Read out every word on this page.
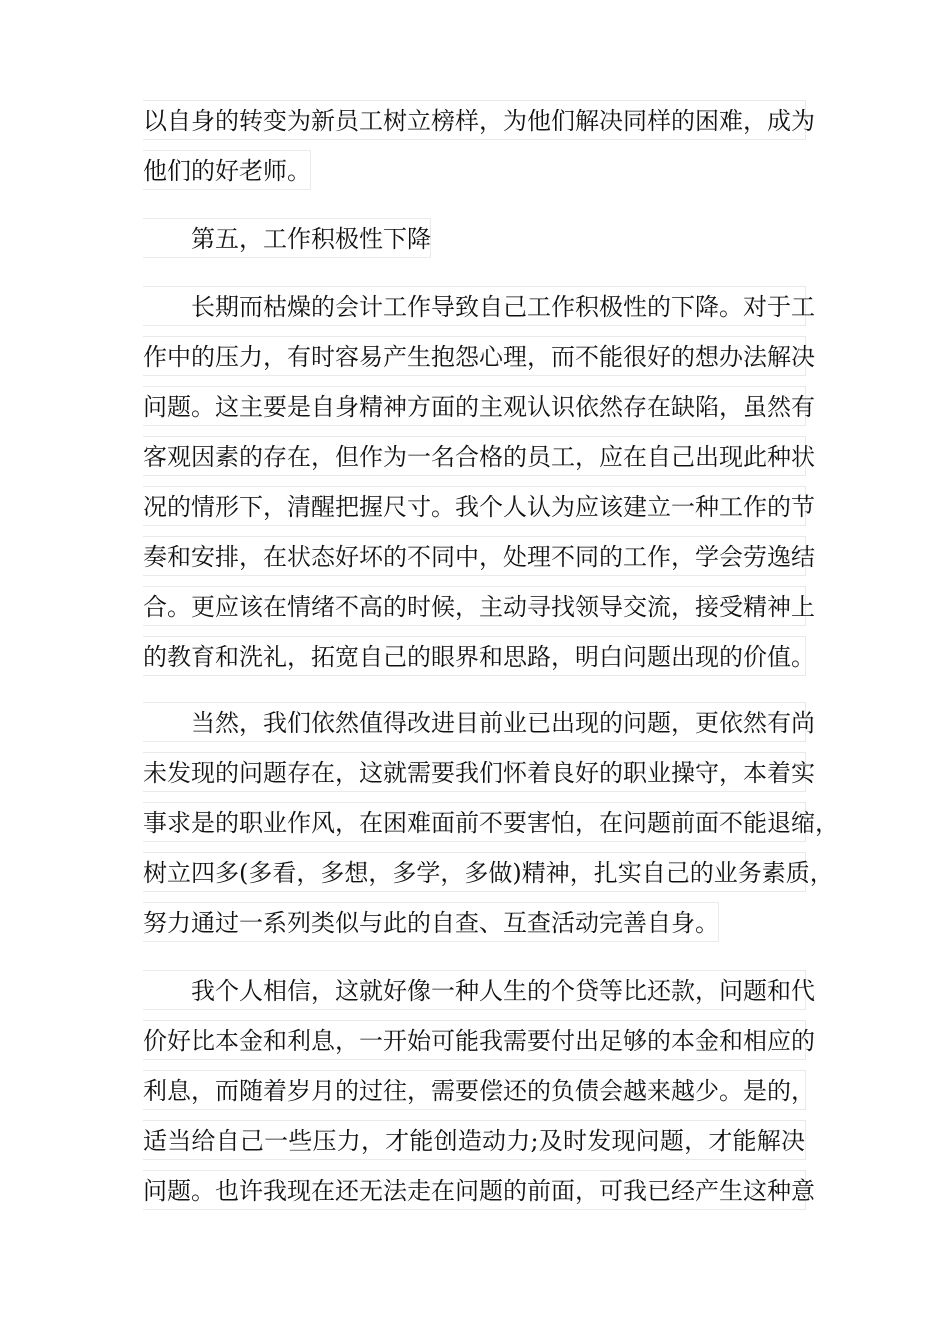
以自身的转变为新员工树立榜样，为他们解决同样的困难，成为
他们的好老师。
第五，工作积极性下降
长期而枯燥的会计工作导致自己工作积极性的下降。对于工
作中的压力，有时容易产生抱怨心理，而不能很好的想办法解决
问题。这主要是自身精神方面的主观认识依然存在缺陷，虽然有
客观因素的存在，但作为一名合格的员工，应在自己出现此种状
况的情形下，清醒把握尺寸。我个人认为应该建立一种工作的节
奏和安排，在状态好坏的不同中，处理不同的工作，学会劳逸结
合。更应该在情绪不高的时候，主动寻找领导交流，接受精神上
的教育和洗礼，拓宽自己的眼界和思路，明白问题出现的价值。
当然，我们依然值得改进目前业已出现的问题，更依然有尚
未发现的问题存在，这就需要我们怀着良好的职业操守，本着实
事求是的职业作风，在困难面前不要害怕，在问题前面不能退缩，
树立四多(多看，多想，多学，多做)精神，扎实自己的业务素质，
努力通过一系列类似与此的自查、互查活动完善自身。
我个人相信，这就好像一种人生的个贷等比还款，问题和代
价好比本金和利息，一开始可能我需要付出足够的本金和相应的
利息，而随着岁月的过往，需要偿还的负债会越来越少。是的，
适当给自己一些压力，才能创造动力;及时发现问题，才能解决
问题。也许我现在还无法走在问题的前面，可我已经产生这种意
